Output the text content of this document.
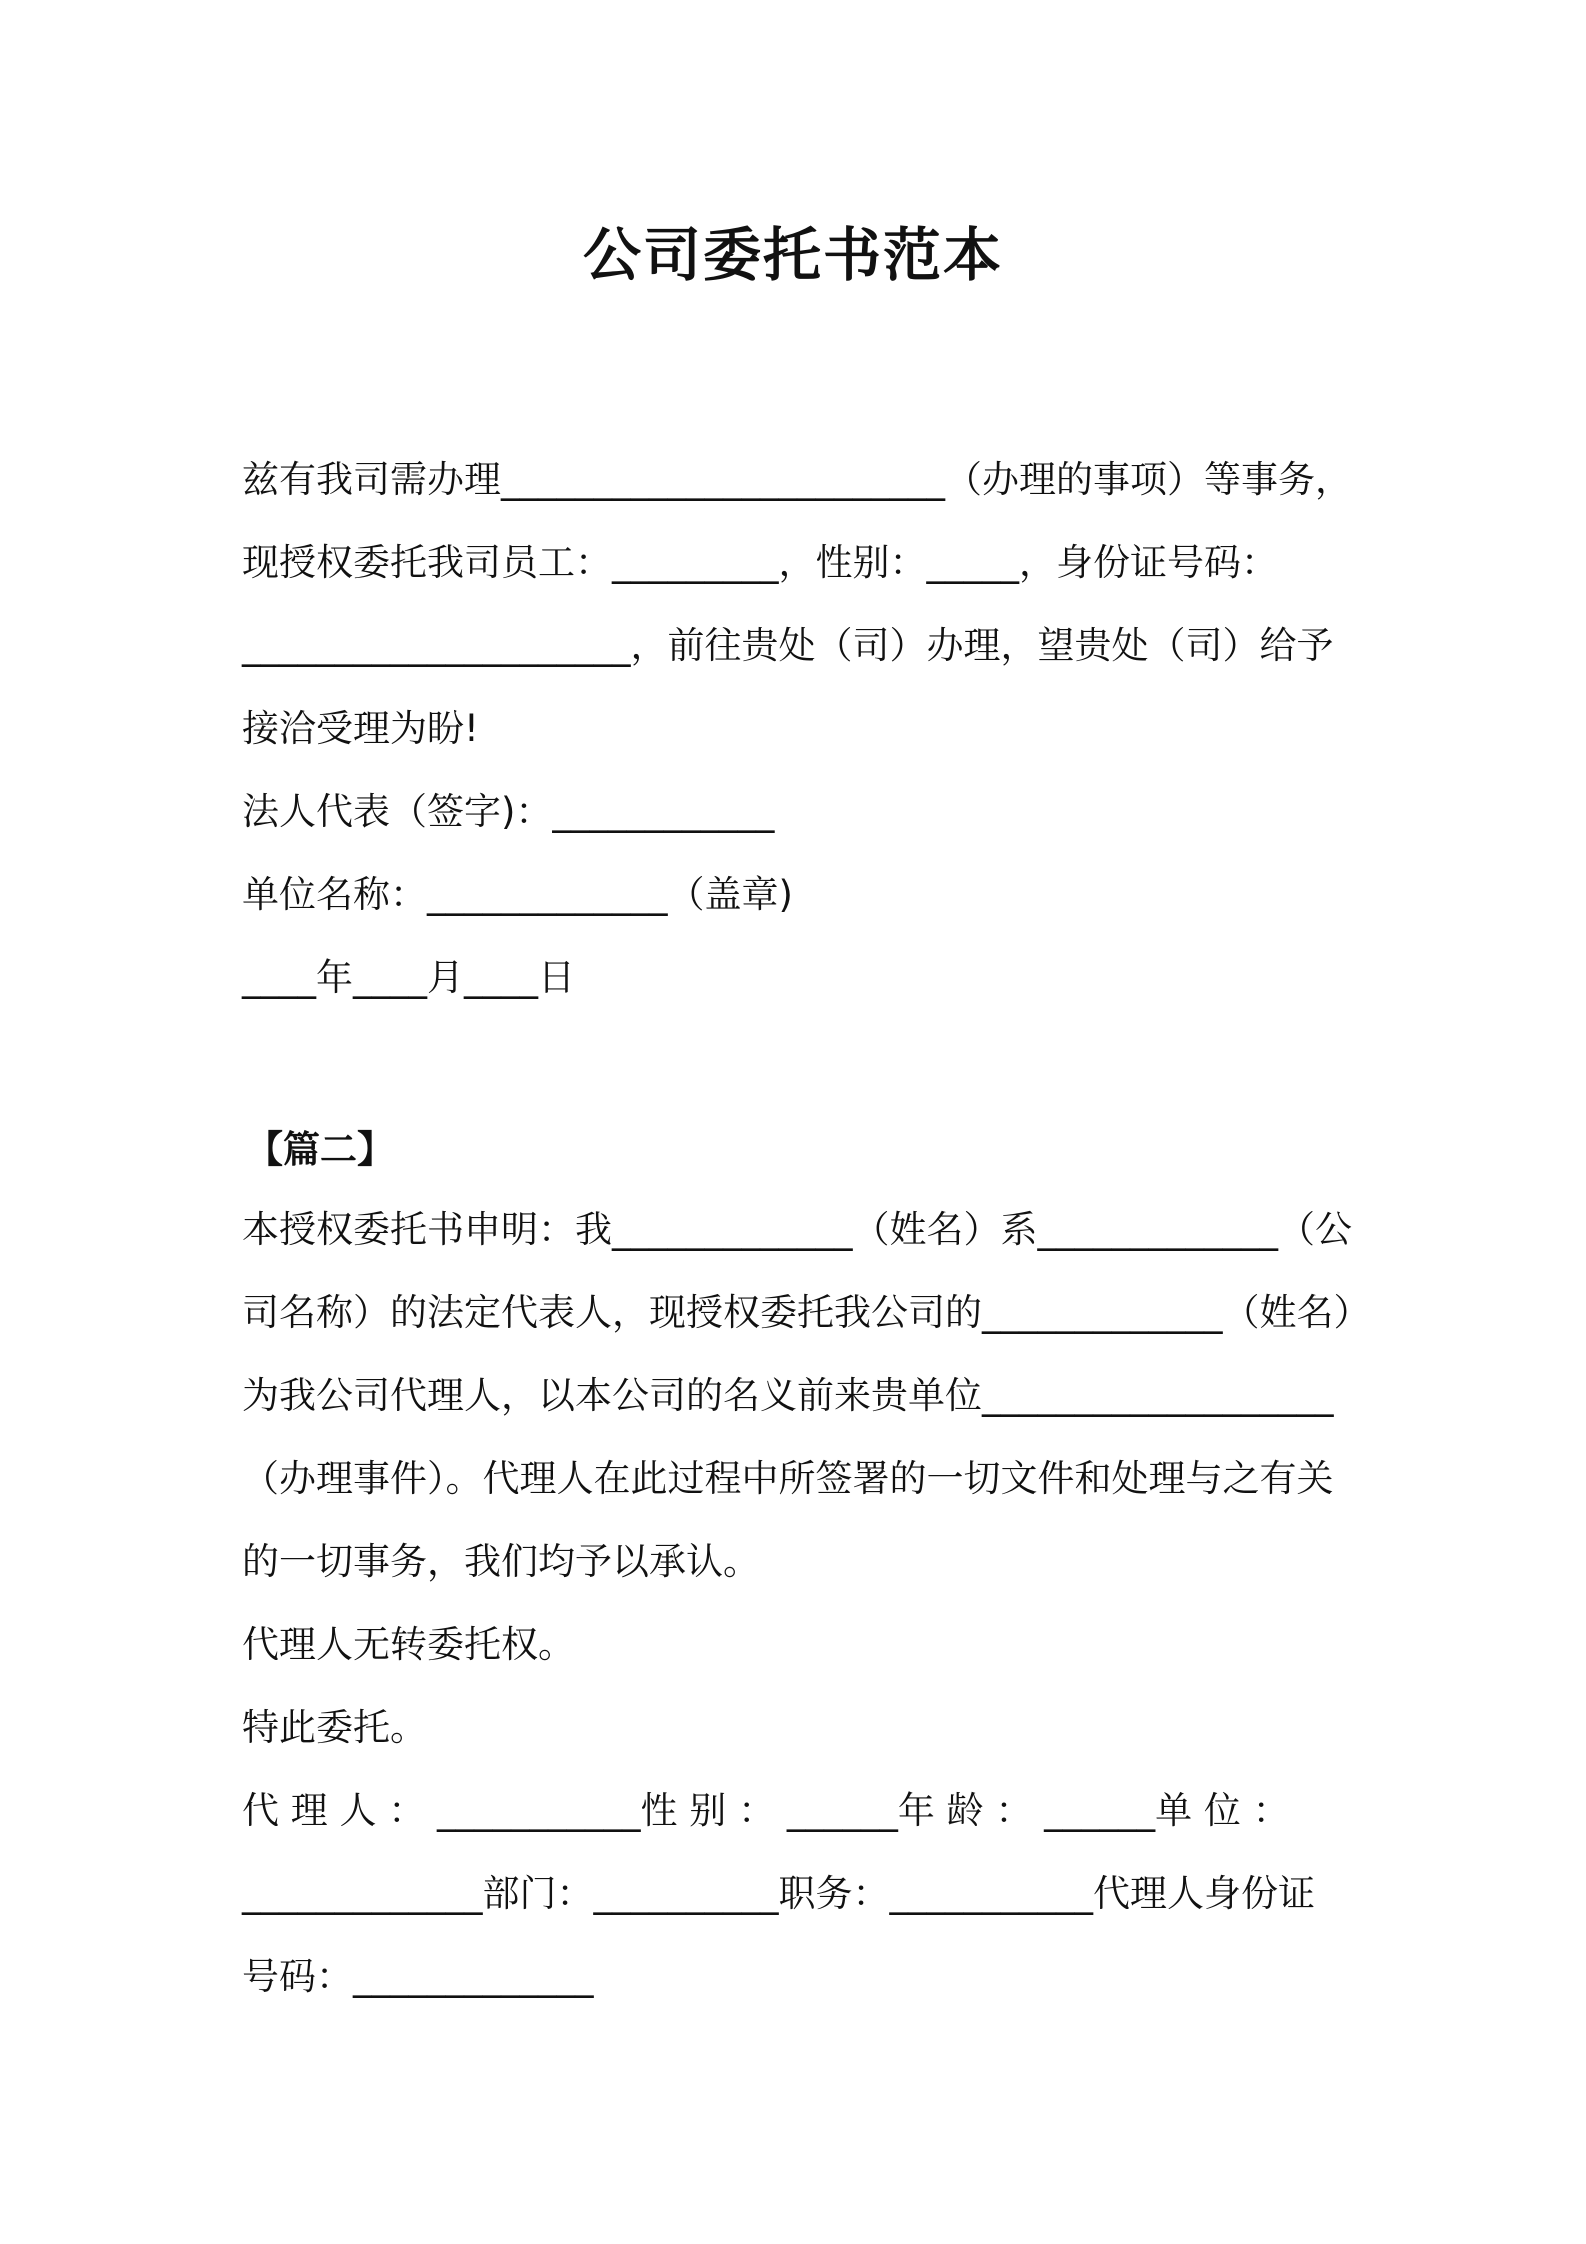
公司委托书范本
兹有我司需办理________________________（办理的事项）等事务，
现授权委托我司员工：_________，性别：_____，身份证号码：
_____________________，前往贵处（司）办理，望贵处（司）给予
接洽受理为盼!
法人代表（签字)：____________
单位名称：_____________（盖章)
____年____月____日
【篇二】
本授权委托书申明：我_____________（姓名）系_____________（公
司名称）的法定代表人，现授权委托我公司的_____________（姓名）
为我公司代理人，以本公司的名义前来贵单位___________________
（办理事件）。代理人在此过程中所签署的一切文件和处理与之有关
的一切事务，我们均予以承认。
代理人无转委托权。
特此委托。
代 理 人 ： ___________性 别 ： ______年 龄 ： ______单 位 ：
_____________部门：__________职务：___________代理人身份证
号码：_____________
